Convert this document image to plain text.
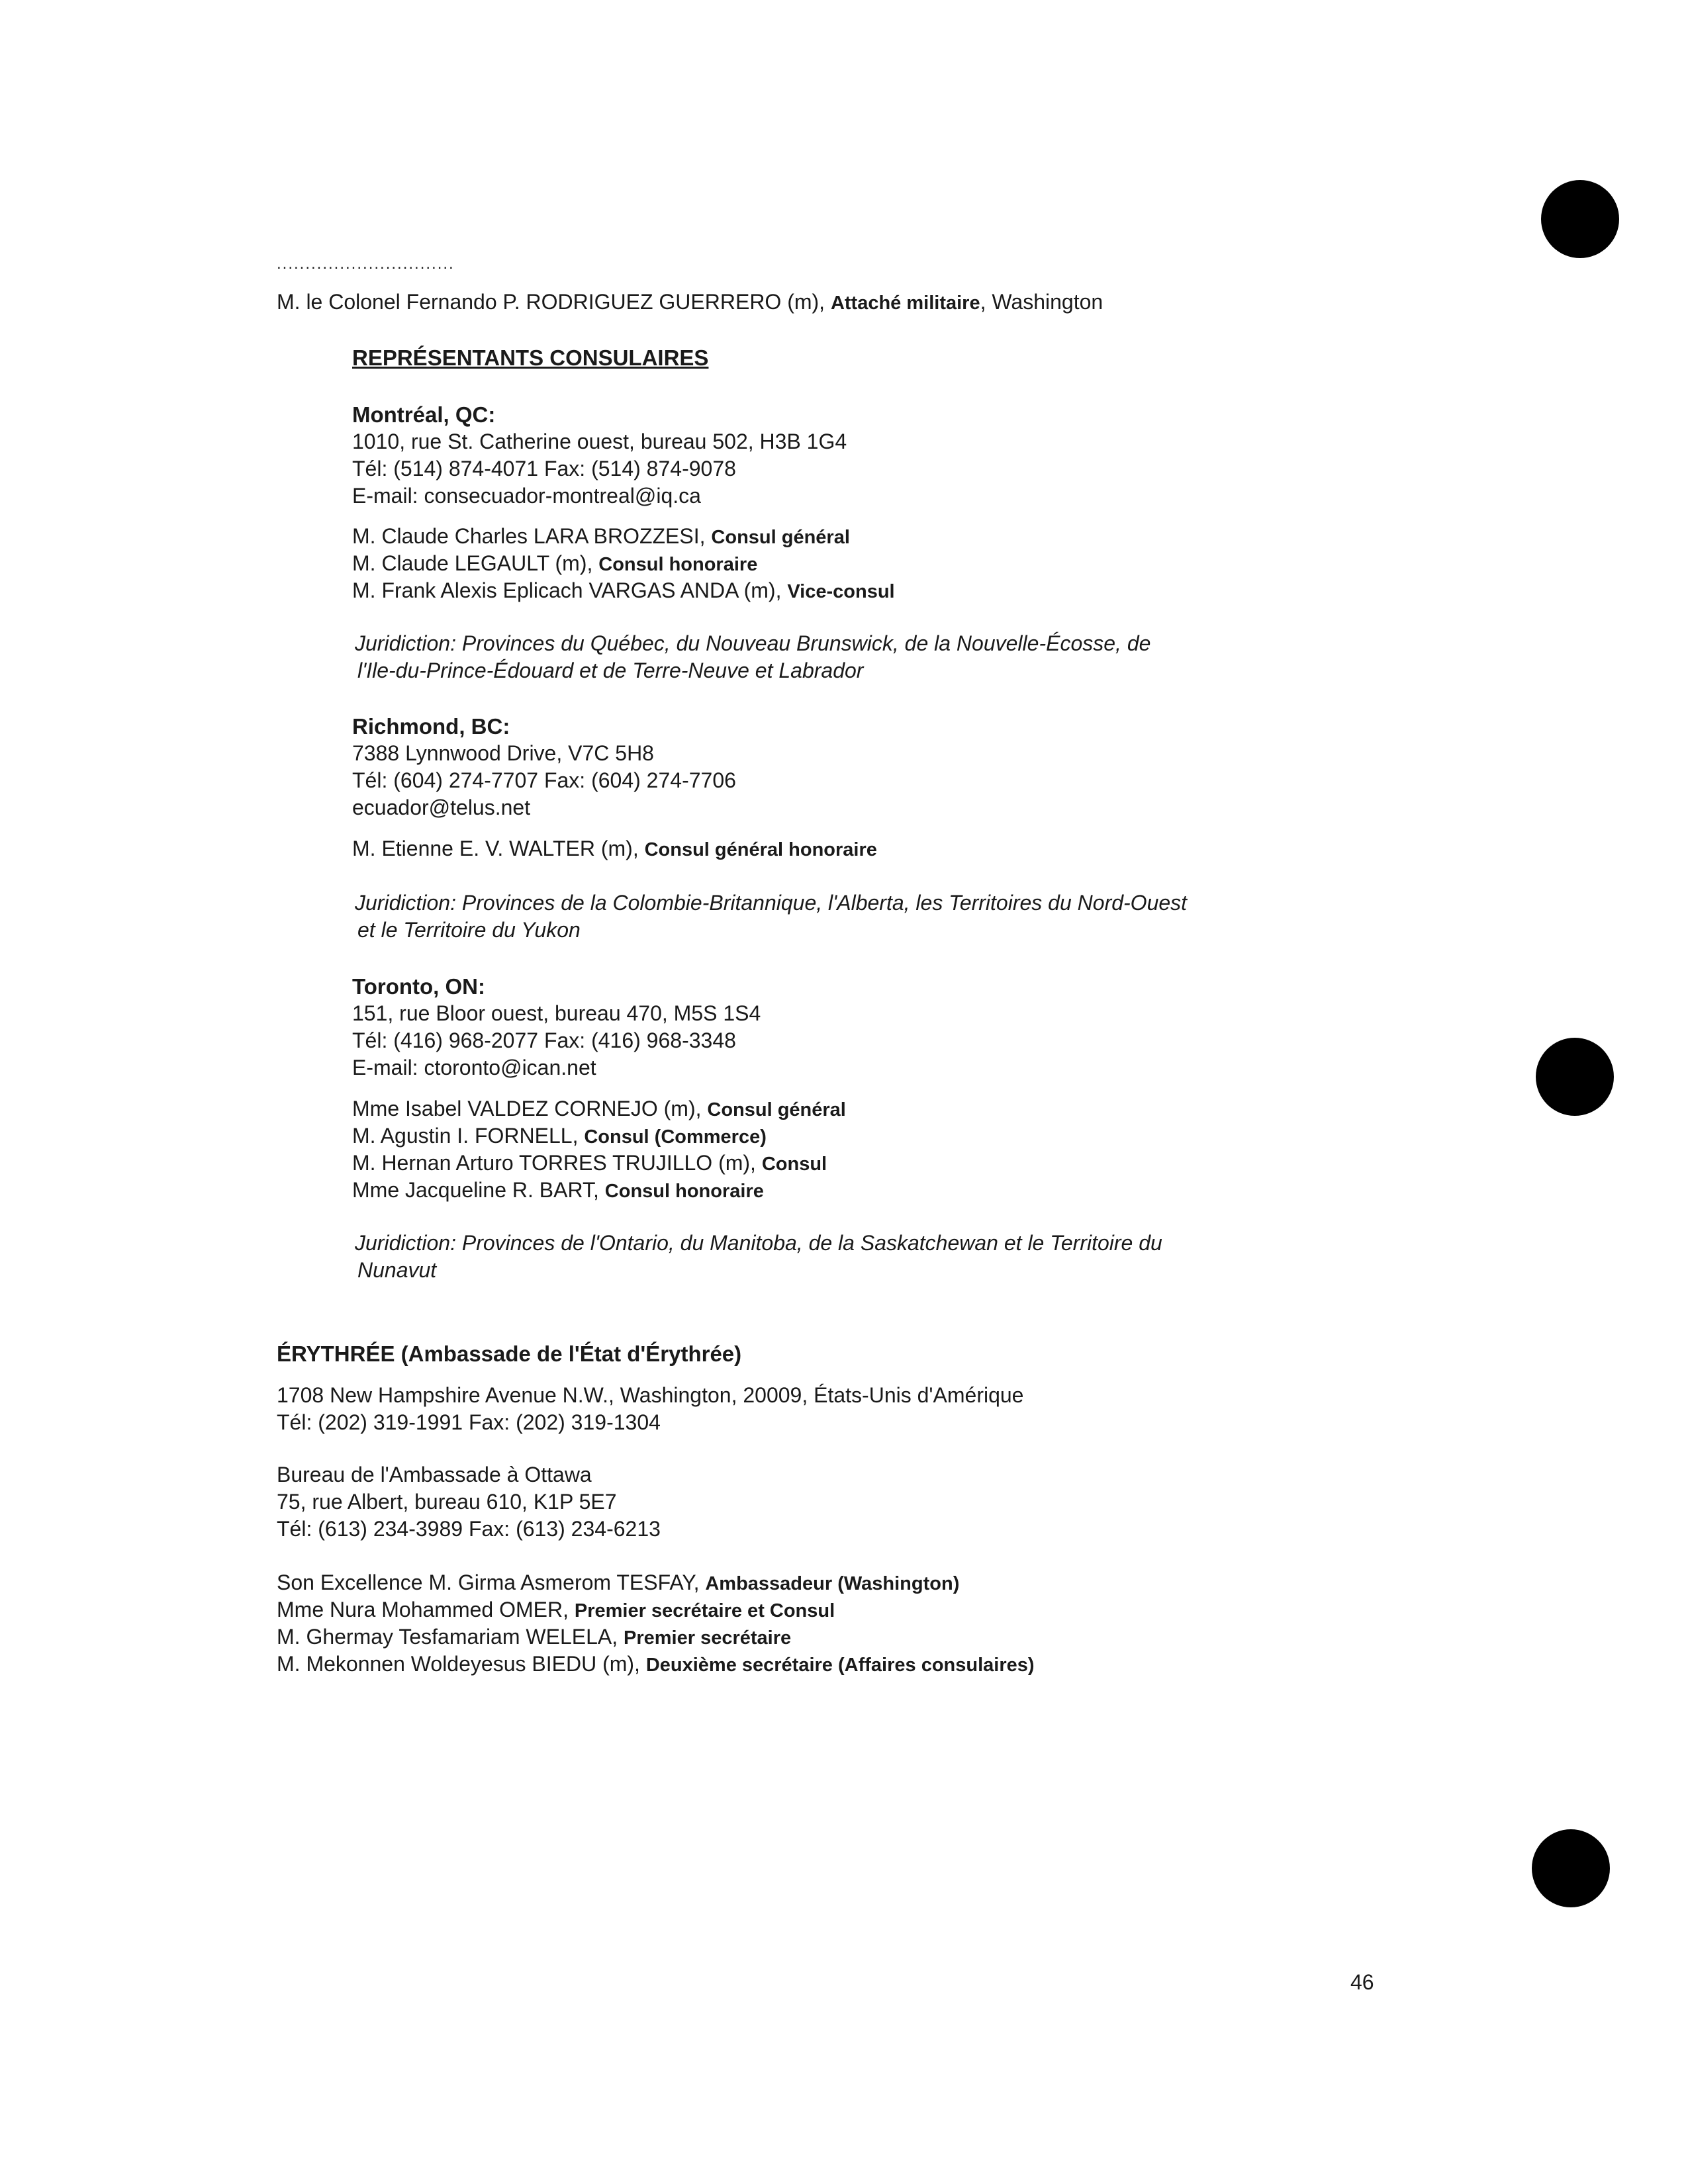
...............................
M. le Colonel Fernando P. RODRIGUEZ GUERRERO (m), Attaché militaire, Washington
REPRÉSENTANTS CONSULAIRES
Montréal, QC:
1010, rue St. Catherine ouest, bureau 502, H3B 1G4
Tél: (514) 874-4071 Fax: (514) 874-9078
E-mail: consecuador-montreal@iq.ca
M. Claude Charles LARA BROZZESI, Consul général
M. Claude LEGAULT (m), Consul honoraire
M. Frank Alexis Eplicach VARGAS ANDA (m), Vice-consul
Juridiction: Provinces du Québec, du Nouveau Brunswick, de la Nouvelle-Écosse, de
l'Ile-du-Prince-Édouard et de Terre-Neuve et Labrador
Richmond, BC:
7388 Lynnwood Drive, V7C 5H8
Tél: (604) 274-7707 Fax: (604) 274-7706
ecuador@telus.net
M. Etienne E. V. WALTER (m), Consul général honoraire
Juridiction: Provinces de la Colombie-Britannique, l'Alberta, les Territoires du Nord-Ouest
et le Territoire du Yukon
Toronto, ON:
151, rue Bloor ouest, bureau 470, M5S 1S4
Tél: (416) 968-2077 Fax: (416) 968-3348
E-mail: ctoronto@ican.net
Mme Isabel VALDEZ CORNEJO (m), Consul général
M. Agustin I. FORNELL, Consul (Commerce)
M. Hernan Arturo TORRES TRUJILLO (m), Consul
Mme Jacqueline R. BART, Consul honoraire
Juridiction: Provinces de l'Ontario, du Manitoba, de la Saskatchewan et le Territoire du
Nunavut
ÉRYTHRÉE (Ambassade de l'État d'Érythrée)
1708 New Hampshire Avenue N.W., Washington, 20009, États-Unis d'Amérique
Tél: (202) 319-1991 Fax: (202) 319-1304
Bureau de l'Ambassade à Ottawa
75, rue Albert, bureau 610, K1P 5E7
Tél: (613) 234-3989 Fax: (613) 234-6213
Son Excellence M. Girma Asmerom TESFAY, Ambassadeur (Washington)
Mme Nura Mohammed OMER, Premier secrétaire et Consul
M. Ghermay Tesfamariam WELELA, Premier secrétaire
M. Mekonnen Woldeyesus BIEDU (m), Deuxième secrétaire (Affaires consulaires)
46
